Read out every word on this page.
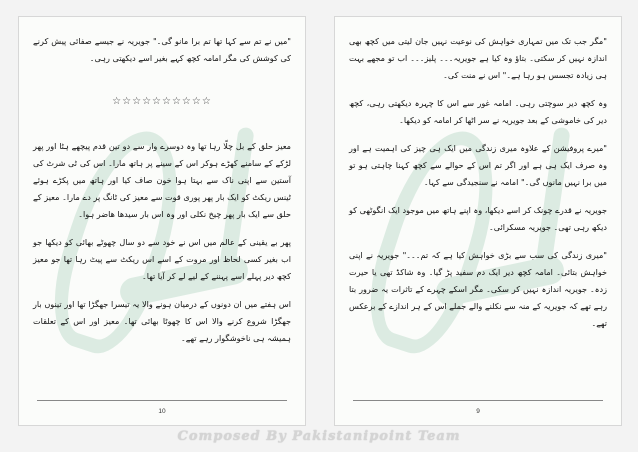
"میں نے تم سے کہا تھا تم برا مانو گی۔" جویریہ نے جیسے صفائی پیش کرنے کی کوشش کی مگر امامہ کچھ کہے بغیر اسے دیکھتی رہی۔

☆☆☆☆☆☆☆☆☆☆

معیز حلق کے بل چلّا رہا تھا وہ دوسرے وار سے دو تین قدم پیچھے ہٹا اور پھر لڑکے کے سامنے کھڑے ہوکر اس کے سینے پر ہاتھ مارا۔ اس کی ٹی شرٹ کی آستین سے اپنی ناک سے بہتا ہوا خون صاف کیا اور ہاتھ میں پکڑے ہوئے ٹینس ریکٹ کو ایک بار پھر پوری قوت سے معیز کی ٹانگ پر دے مارا۔ معیز کے حلق سے ایک بار پھر چیخ نکلی اور وہ اس بار سیدھا ھاضر ہوا۔

پھر بے یقینی کے عالم میں اس نے خود سے دو سال چھوٹے بھائی کو دیکھا جو اب بغیر کسی لحاظ اور مروت کے اسے اس ریکٹ سے پیٹ رہا تھا جو معیز کچھ دیر پہلے اسے پہننے کے لیے لے کر آیا تھا۔

اس ہفتے میں ان دونوں کے درمیان ہونے والا یہ تیسرا جھگڑا تھا اور تینوں بار جھگڑا شروع کرنے والا اس کا چھوٹا بھائی تھا۔ معیز اور اس کے تعلقات ہمیشہ ہی ناخوشگوار رہے تھے۔

10

"مگر جب تک میں تمہاری خواہش کی نوعیت نہیں جان لیتی میں کچھ بھی اندازہ نہیں کر سکتی۔ بتاؤ وہ کیا ہے جویریہ۔۔۔ پلیز۔۔۔ اب تو مجھے بہت ہی زیادہ تجسس ہو رہا ہے۔" اس نے منت کی۔

وہ کچھ دیر سوچتی رہی۔ امامہ غور سے اس کا چہرہ دیکھتی رہی، کچھ دیر کی خاموشی کے بعد جویریہ نے سر اٹھا کر امامہ کو دیکھا۔

"میرے پروفیشن کے علاوہ میری زندگی میں ایک ہی چیز کی اہمیت ہے اور وہ صرف ایک ہی ہے اور اگر تم اس کے حوالے سے کچھ کہنا چاہتی ہو تو میں برا نہیں مانوں گی۔" امامہ نے سنجیدگی سے کہا۔

جویریہ نے قدرے چونک کر اسے دیکھا، وہ اپنے ہاتھ میں موجود ایک انگوٹھی کو دیکھ رہی تھی۔ جویریہ مسکرائی۔

"میری زندگی کی سب سے بڑی خواہش کیا ہے کہ تم۔۔۔" جویریہ نے اپنی خواہش بتائی۔ امامہ کچھ دیر ایک دم سفید پڑ گیا۔ وہ شاکڈ تھی یا حیرت زدہ۔ جویریہ اندازہ نہیں کر سکی۔ مگر اسکے چہرے کے تاثرات یہ ضرور بتا رہے تھے کہ جویریہ کے منہ سے نکلنے والے جملے اس کے ہر اندازے کے برعکس تھے۔

9
Composed By Pakistanipoint Team
